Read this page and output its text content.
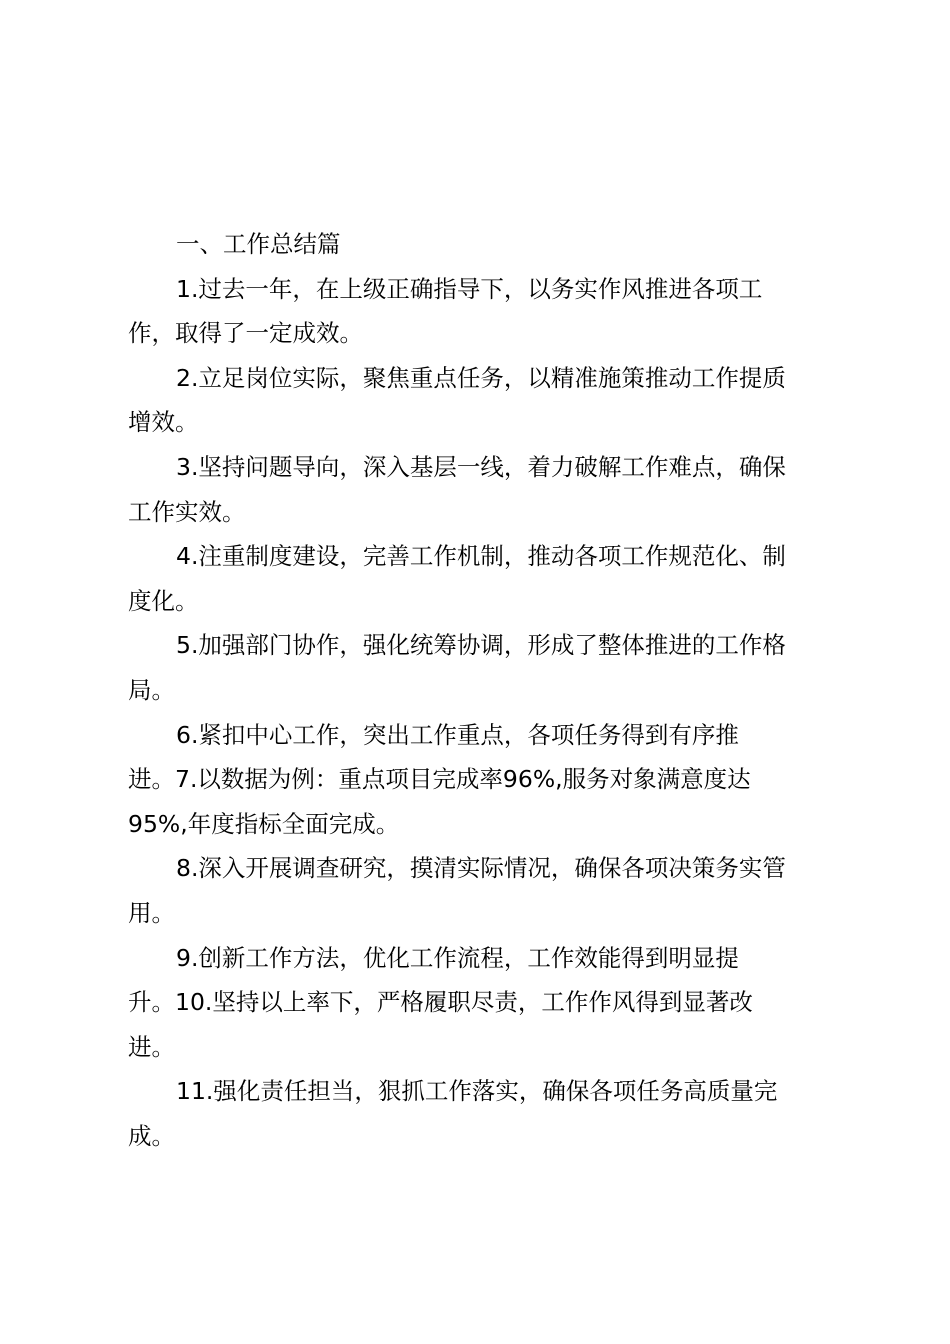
一、工作总结篇
1.过去一年，在上级正确指导下，以务实作风推进各项工
作，取得了一定成效。
2.立足岗位实际，聚焦重点任务，以精准施策推动工作提质
增效。
3.坚持问题导向，深入基层一线，着力破解工作难点，确保
工作实效。
4.注重制度建设，完善工作机制，推动各项工作规范化、制
度化。
5.加强部门协作，强化统筹协调，形成了整体推进的工作格
局。
6.紧扣中心工作，突出工作重点，各项任务得到有序推
进。7.以数据为例：重点项目完成率96%,服务对象满意度达
95%,年度指标全面完成。
8.深入开展调查研究，摸清实际情况，确保各项决策务实管
用。
9.创新工作方法，优化工作流程，工作效能得到明显提
升。10.坚持以上率下，严格履职尽责，工作作风得到显著改
进。
11.强化责任担当，狠抓工作落实，确保各项任务高质量完
成。
